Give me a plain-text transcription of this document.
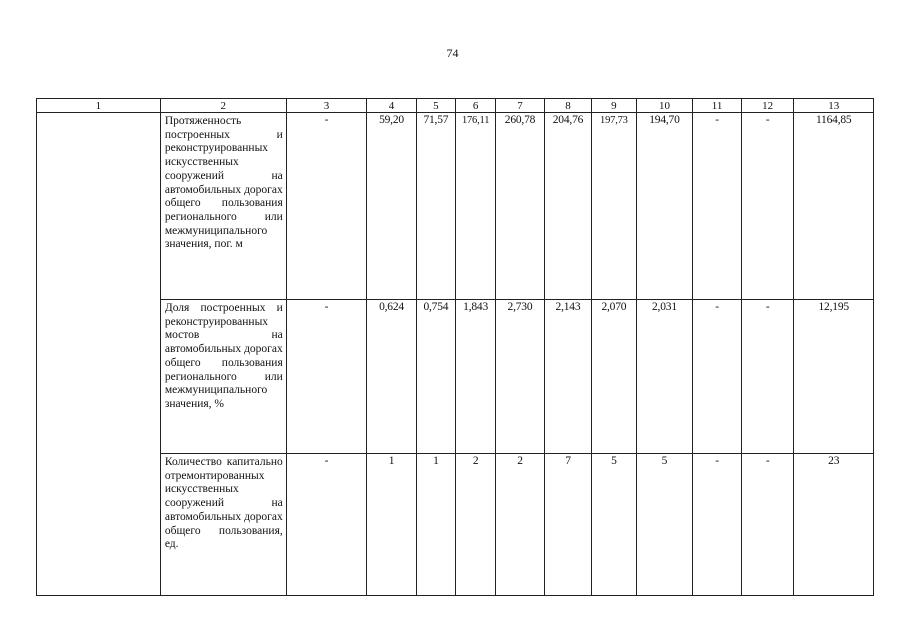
74
1	2	3	4	5	6	7	8	9	10	11	12	13
	Протяженность построенных и реконструированных искусственных сооружений на автомобильных дорогах общего пользования регионального или межмуниципального значения, пог. м	-	59,20	71,57	176,11	260,78	204,76	197,73	194,70	-	-	1164,85
	Доля построенных и реконструированных мостов на автомобильных дорогах общего пользования регионального или межмуниципального значения, %	-	0,624	0,754	1,843	2,730	2,143	2,070	2,031	-	-	12,195
	Количество капитально отремонтированных искусственных сооружений на автомобильных дорогах общего пользования, ед.	-	1	1	2	2	7	5	5	-	-	23
